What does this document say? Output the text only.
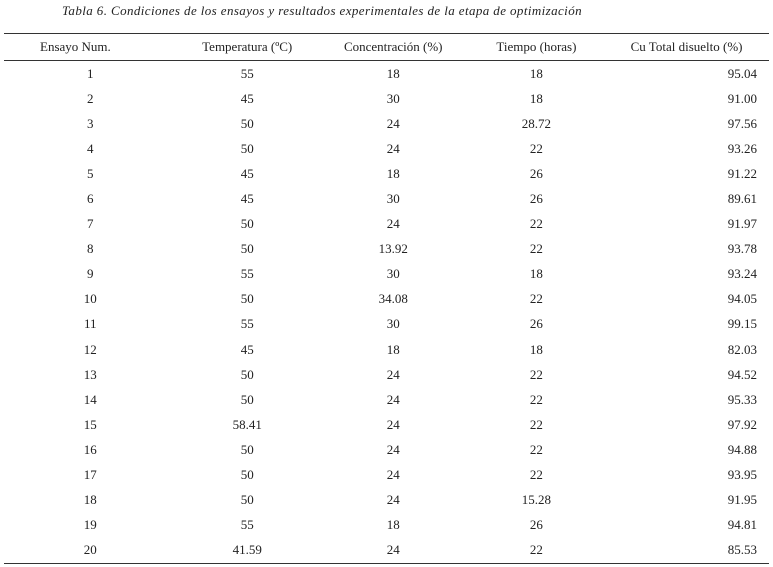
Tabla 6. Condiciones de los ensayos y resultados experimentales de la etapa de optimización
Ensayo Num.	Temperatura (ºC)	Concentración (%)	Tiempo (horas)	Cu Total disuelto (%)
1	55	18	18	95.04
2	45	30	18	91.00
3	50	24	28.72	97.56
4	50	24	22	93.26
5	45	18	26	91.22
6	45	30	26	89.61
7	50	24	22	91.97
8	50	13.92	22	93.78
9	55	30	18	93.24
10	50	34.08	22	94.05
11	55	30	26	99.15
12	45	18	18	82.03
13	50	24	22	94.52
14	50	24	22	95.33
15	58.41	24	22	97.92
16	50	24	22	94.88
17	50	24	22	93.95
18	50	24	15.28	91.95
19	55	18	26	94.81
20	41.59	24	22	85.53
